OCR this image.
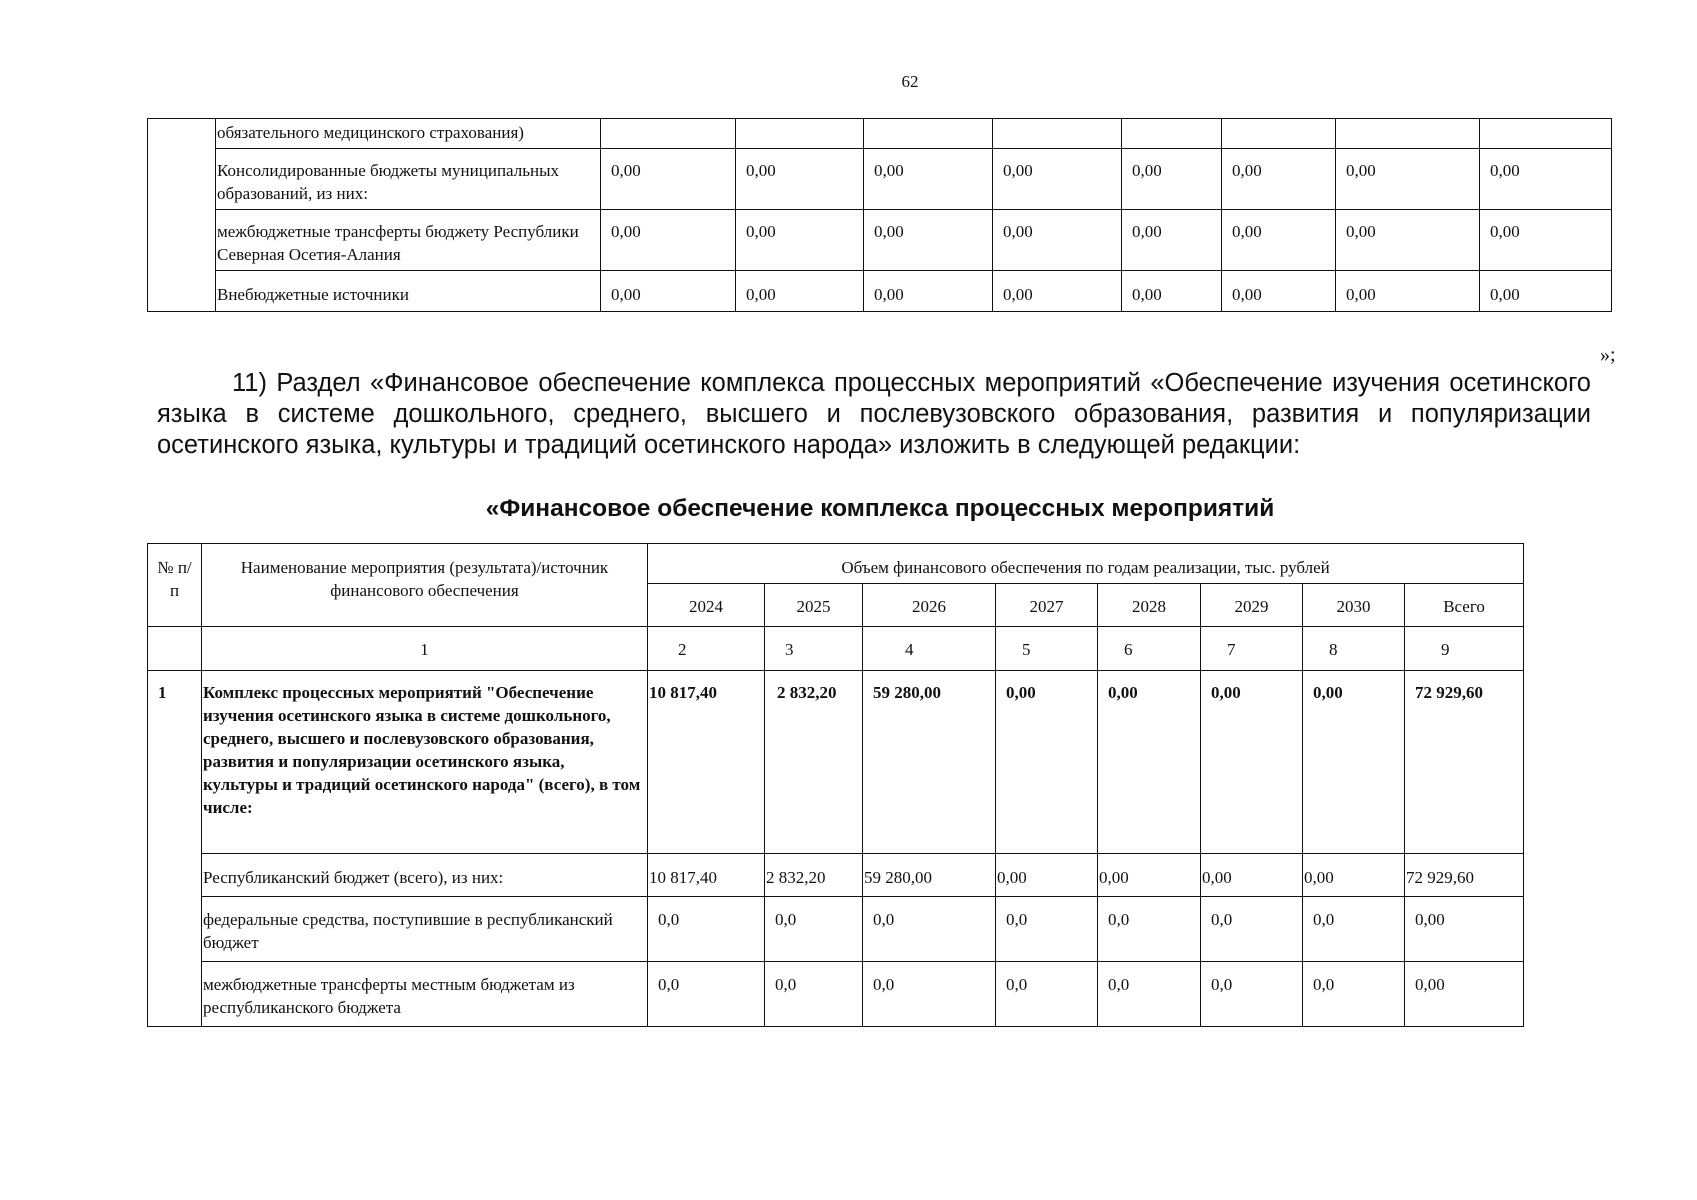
62
	обязательного медицинского страхования)								
	Консолидированные бюджеты муниципальных образований, из них:	0,00	0,00	0,00	0,00	0,00	0,00	0,00	0,00
	межбюджетные трансферты бюджету Республики Северная Осетия-Алания	0,00	0,00	0,00	0,00	0,00	0,00	0,00	0,00
	Внебюджетные источники	0,00	0,00	0,00	0,00	0,00	0,00	0,00	0,00
»;

11) Раздел «Финансовое обеспечение комплекса процессных мероприятий «Обеспечение изучения осетинского языка в системе дошкольного, среднего, высшего и послевузовского образования, развития и популяризации осетинского языка, культуры и традиций осетинского народа» изложить в следующей редакции:

«Финансовое обеспечение комплекса процессных мероприятий
№ п/п	Наименование мероприятия (результата)/источник финансового обеспечения	Объем финансового обеспечения по годам реализации, тыс. рублей							
		2024	2025	2026	2027	2028	2029	2030	Всего
	1	2	3	4	5	6	7	8	9
1	Комплекс процессных мероприятий "Обеспечение изучения осетинского языка в системе дошкольного, среднего, высшего и послевузовского образования, развития и популяризации осетинского языка, культуры и традиций осетинского народа" (всего), в том числе:	10 817,40	2 832,20	59 280,00	0,00	0,00	0,00	0,00	72 929,60
	Республиканский бюджет (всего), из них:	10 817,40	2 832,20	59 280,00	0,00	0,00	0,00	0,00	72 929,60
	федеральные средства, поступившие в республиканский бюджет	0,0	0,0	0,0	0,0	0,0	0,0	0,0	0,00
	межбюджетные трансферты местным бюджетам из республиканского бюджета	0,0	0,0	0,0	0,0	0,0	0,0	0,0	0,00
